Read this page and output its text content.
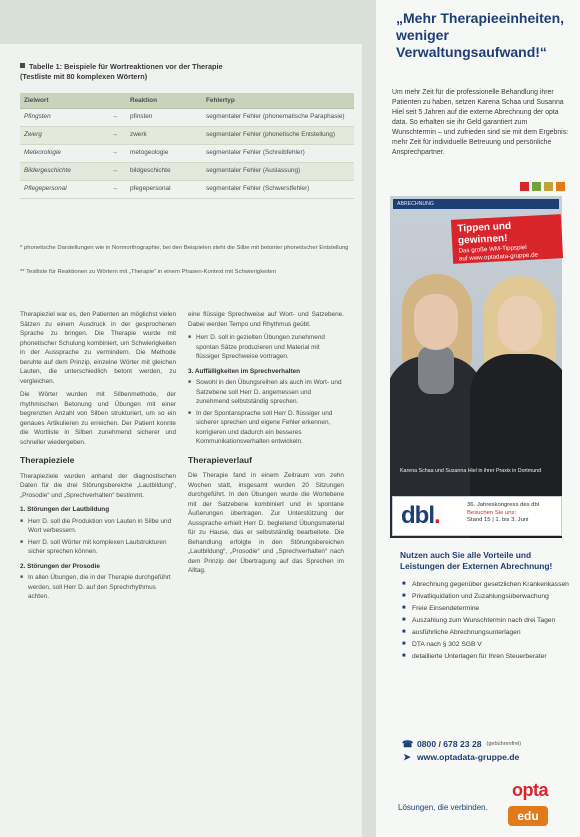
Tabelle 1: Beispiele für Wortreaktionen vor der Therapie
(Testliste mit 80 komplexen Wörtern)
Zielwort		Reaktion	Fehlertyp
Pfingsten	→	pfinsten	segmentaler Fehler (phonematische Paraphasie)
Zwerg	→	zwerk	segmentaler Fehler (phonetische Entstellung)
Meteorologie	→	metogeologie	segmentaler Fehler (Schreibfehler)
Bildergeschichte	→	bildgeschichte	segmentaler Fehler (Auslassung)
Pflegepersonal	→	pfegepersonal	segmentaler Fehler (Schwerstfehler)
* phonetische Darstellungen wie in Normorthographie, bei den Beispielen steht die Silbe mit betonter phonetischer Entstellung
** Testliste für Reaktionen zu Wörtern mit „Therapie“ in einem Phasen-Kontext mit Schwierigkeiten

Therapieziel war es, den Patienten an möglichst vielen Sätzen zu einem Ausdruck in der gesprochenen Sprache zu bringen. Die Therapie wurde mit phonetischer Schulung kombiniert, um Schwierigkeiten in der Aussprache zu vermindern. Die Methode beruhte auf dem Prinzip, einzelne Wörter mit gleichen Lauten, die unterschiedlich betont werden, zu vergleichen.

Die Wörter wurden mit Silbenmethode, der rhythmischen Betonung und Übungen mit einer begrenzten Anzahl von Silben strukturiert, um so ein genaues Artikulieren zu erreichen. Der Patient konnte die Wortliste in Silben zunehmend sicherer und schneller wiedergeben.

Therapieziele

Therapieziele wurden anhand der diagnostischen Daten für die drei Störungsbereiche „Lautbildung“, „Prosodie“ und „Sprechverhalten“ bestimmt.

1. Störungen der Lautbildung
■ Herr D. soll die Produktion von Lauten in Silbe und Wort verbessern.
■ Herr D. soll Wörter mit komplexen Lautstrukturen sicher sprechen können.
2. Störungen der Prosodie
■ In allen Übungen, die in der Therapie durchgeführt werden, soll Herr D. auf den Sprechrhythmus achten.

eine flüssige Sprechweise auf Wort- und Satzebene. Dabei werden Tempo und Rhythmus geübt.

■ Herr D. soll in gezielten Übungen zunehmend spontan Sätze produzieren und Material mit flüssiger Sprechweise vortragen.
3. Auffälligkeiten im Sprechverhalten
■ Sowohl in den Übungsreihen als auch im Wort- und Satzebene soll Herr D. angemessen und zunehmend selbstständig sprechen.
■ In der Spontansprache soll Herr D. flüssiger und sicherer sprechen und eigene Fehler erkennen, korrigieren und dadurch ein besseres Kommunikationsverhalten entwickeln.
Therapieverlauf

Die Therapie fand in einem Zeitraum von zehn Wochen statt, insgesamt wurden 20 Sitzungen durchgeführt. In den Übungen wurde die Wortebene mit der Satzebene kombiniert und in spontane Äußerungen übertragen. Zur Unterstützung der Aussprache erhielt Herr D. begleitend Übungsmaterial für zu Hause, das er selbstständig bearbeitete. Die Behandlung erfolgte in den Störungsbereichen „Lautbildung“, „Prosodie“ und „Sprechverhalten“ nach dem Prinzip der Übertragung auf das Sprechen im Alltag.

„Mehr Therapieeinheiten, weniger Verwaltungsaufwand!“
Um mehr Zeit für die professionelle Behandlung ihrer Patienten zu haben, setzen Karena Schaa und Susanna Hiel seit 5 Jahren auf die externe Abrechnung der opta data. So erhalten sie ihr Geld garantiert zum Wunschtermin – und zufrieden sind sie mit dem Ergebnis: mehr Zeit für individuelle Betreuung und persönliche Ansprechpartner.
ABRECHNUNG
Karena Schaa und Susanna Hiel in ihrer Praxis in Dortmund
Tippen und gewinnen!
Das große WM-Tippspiel
auf www.optadata-gruppe.de
dbl.	36. Jahreskongress des dbl
Besuchen Sie uns:
Stand 15 | 1. bis 3. Juni
Nutzen auch Sie alle Vorteile und Leistungen der Externen Abrechnung!
■ Abrechnung gegenüber gesetzlichen Krankenkassen
■ Privatliquidation und Zuzahlungsüberwachung
■ Freie Einsendetermine
■ Auszahlung zum Wunschtermin nach drei Tagen
■ ausführliche Abrechnungsunterlagen
■ DTA nach § 302 SGB V
■ detaillierte Unterlagen für Ihren Steuerberater
☎ 0800 / 678 23 28 (gebührenfrei)
➤ www.optadata-gruppe.de
opta
Lösungen, die verbinden.
edu
